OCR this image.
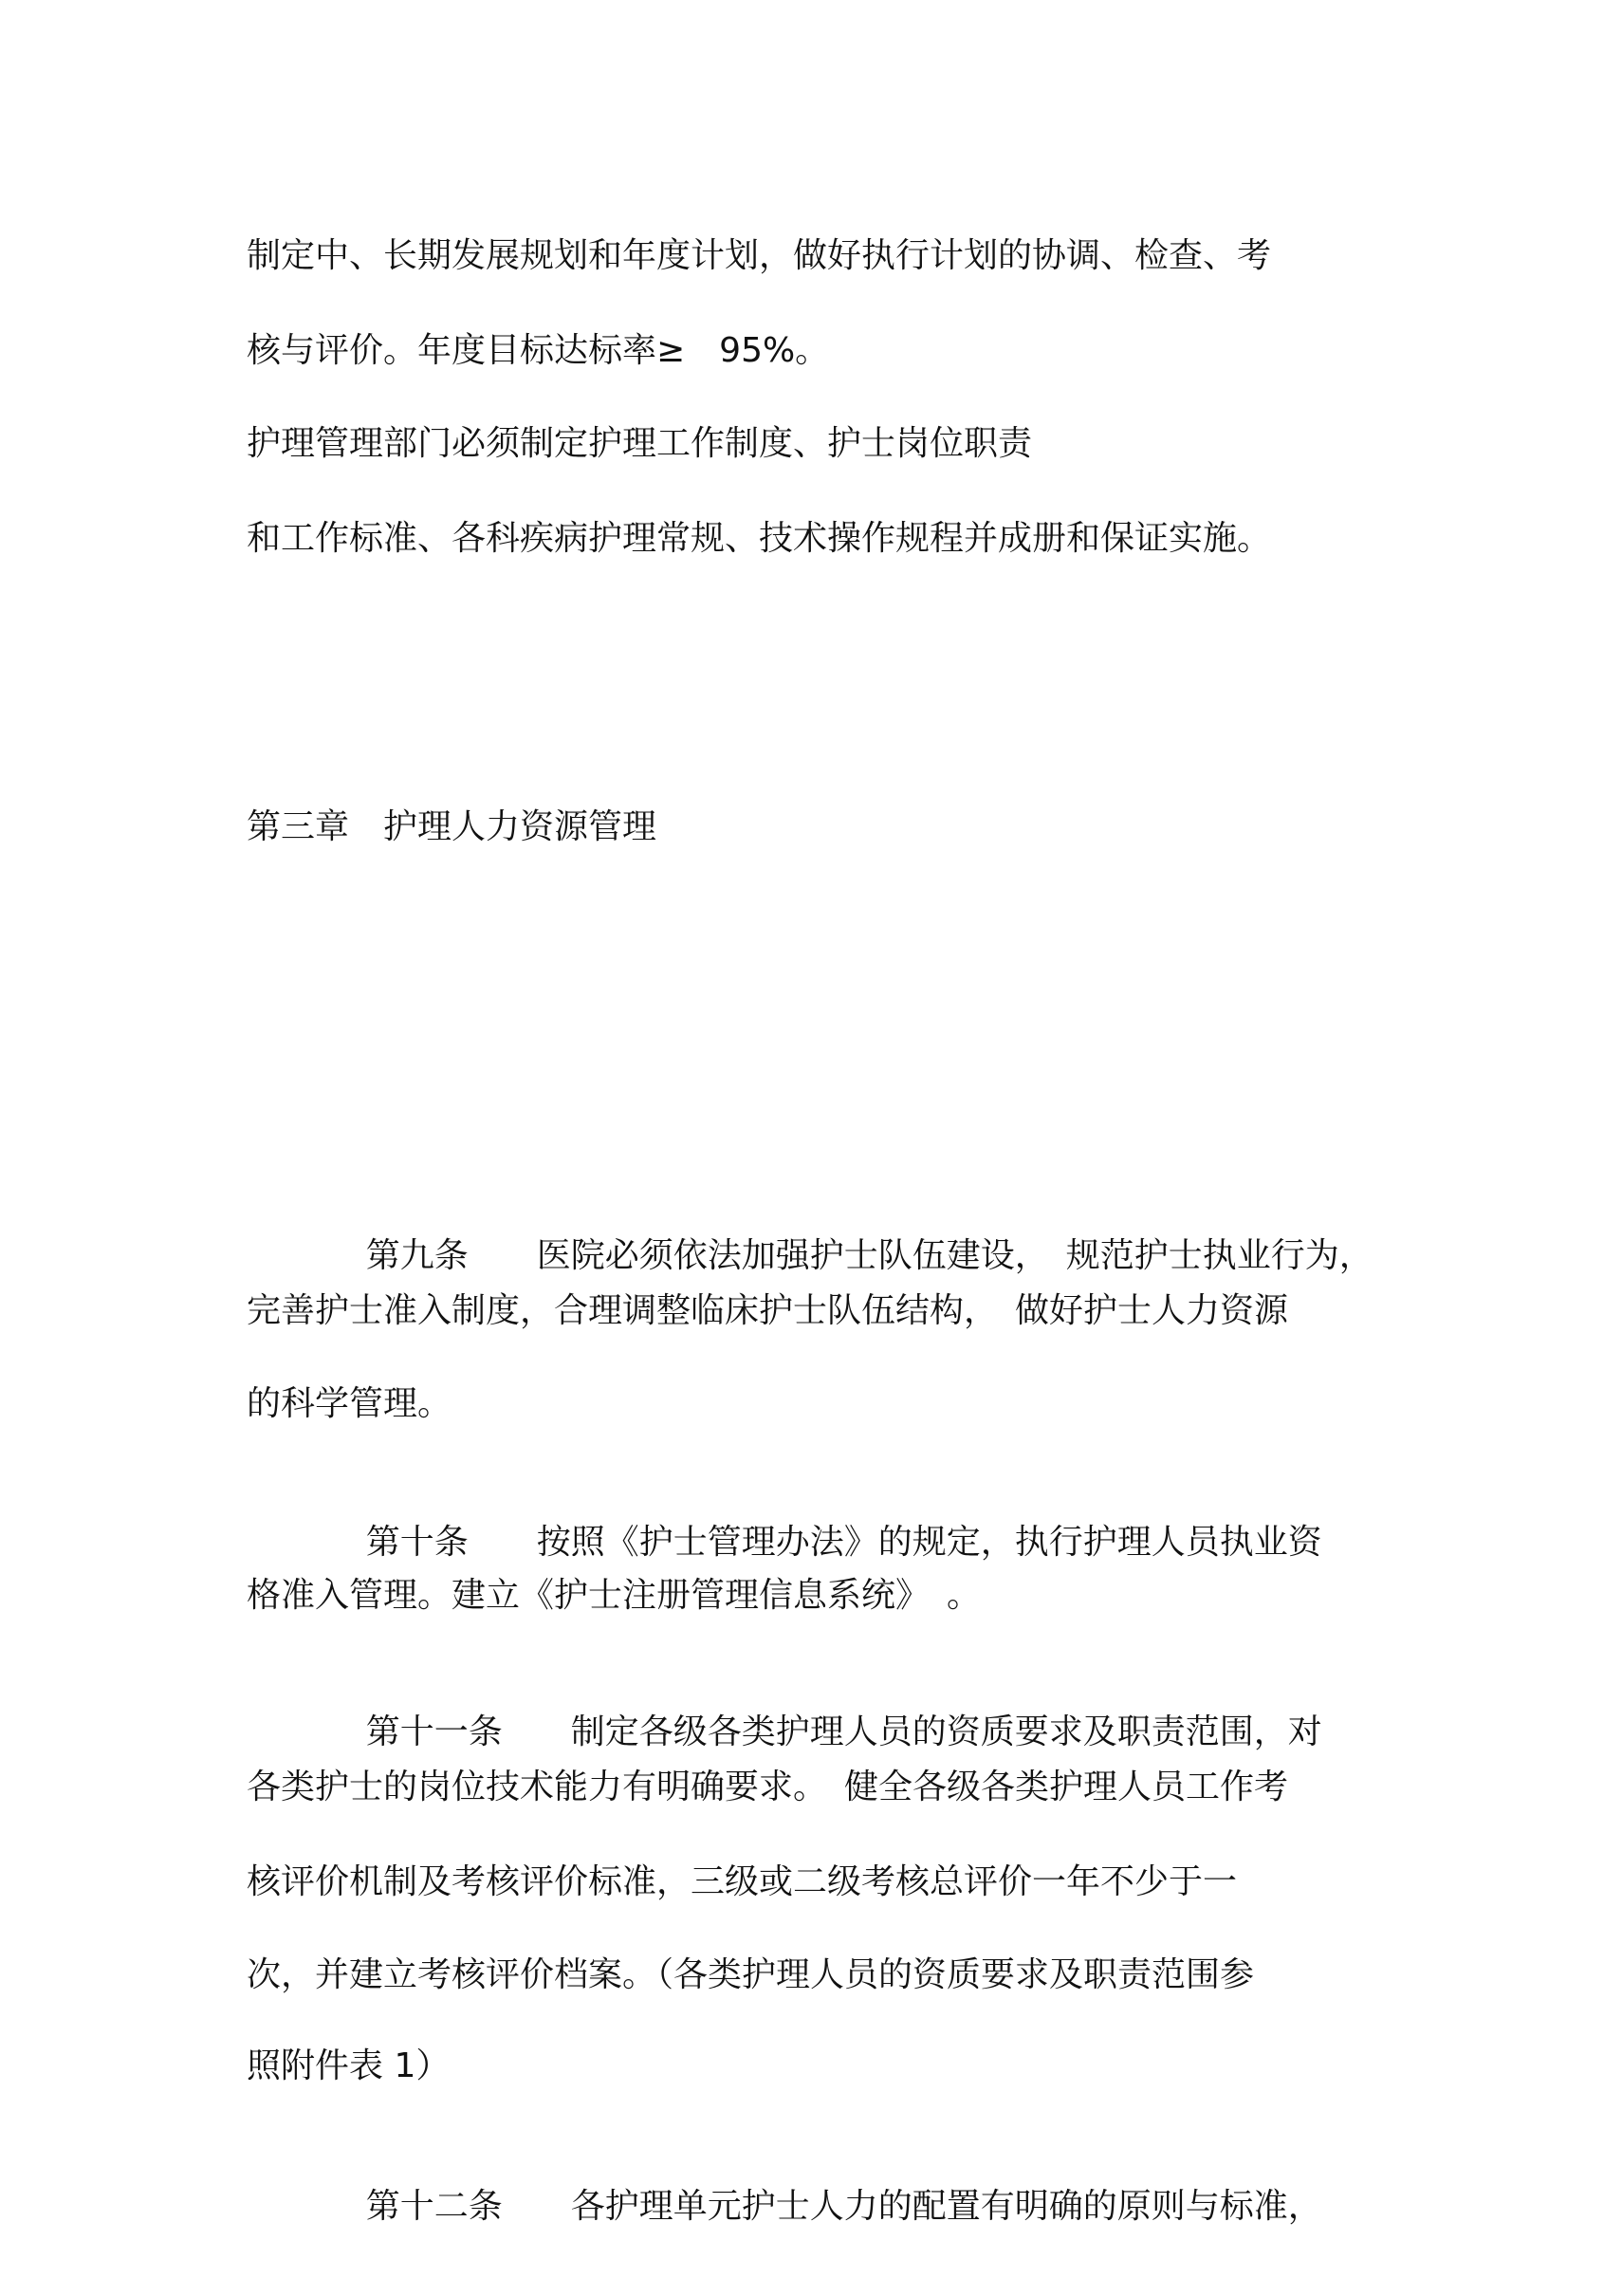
制定中、长期发展规划和年度计划，做好执行计划的协调、检查、考
核与评价。年度目标达标率≥　95%。
护理管理部门必须制定护理工作制度、护士岗位职责
和工作标准、各科疾病护理常规、技术操作规程并成册和保证实施。
第三章　护理人力资源管理

第九条 医院必须依法加强护士队伍建设，　规范护士执业行为，

完善护士准入制度，合理调整临床护士队伍结构，　做好护士人力资源
的科学管理。

第十条 按照《护士管理办法》的规定，执行护理人员执业资

格准入管理。建立《护士注册管理信息系统》　。

第十一条 制定各级各类护理人员的资质要求及职责范围，对

各类护士的岗位技术能力有明确要求。　健全各级各类护理人员工作考
核评价机制及考核评价标准，三级或二级考核总评价一年不少于一
次，并建立考核评价档案。（各类护理人员的资质要求及职责范围参
照附件表 1）

第十二条 各护理单元护士人力的配置有明确的原则与标准，
